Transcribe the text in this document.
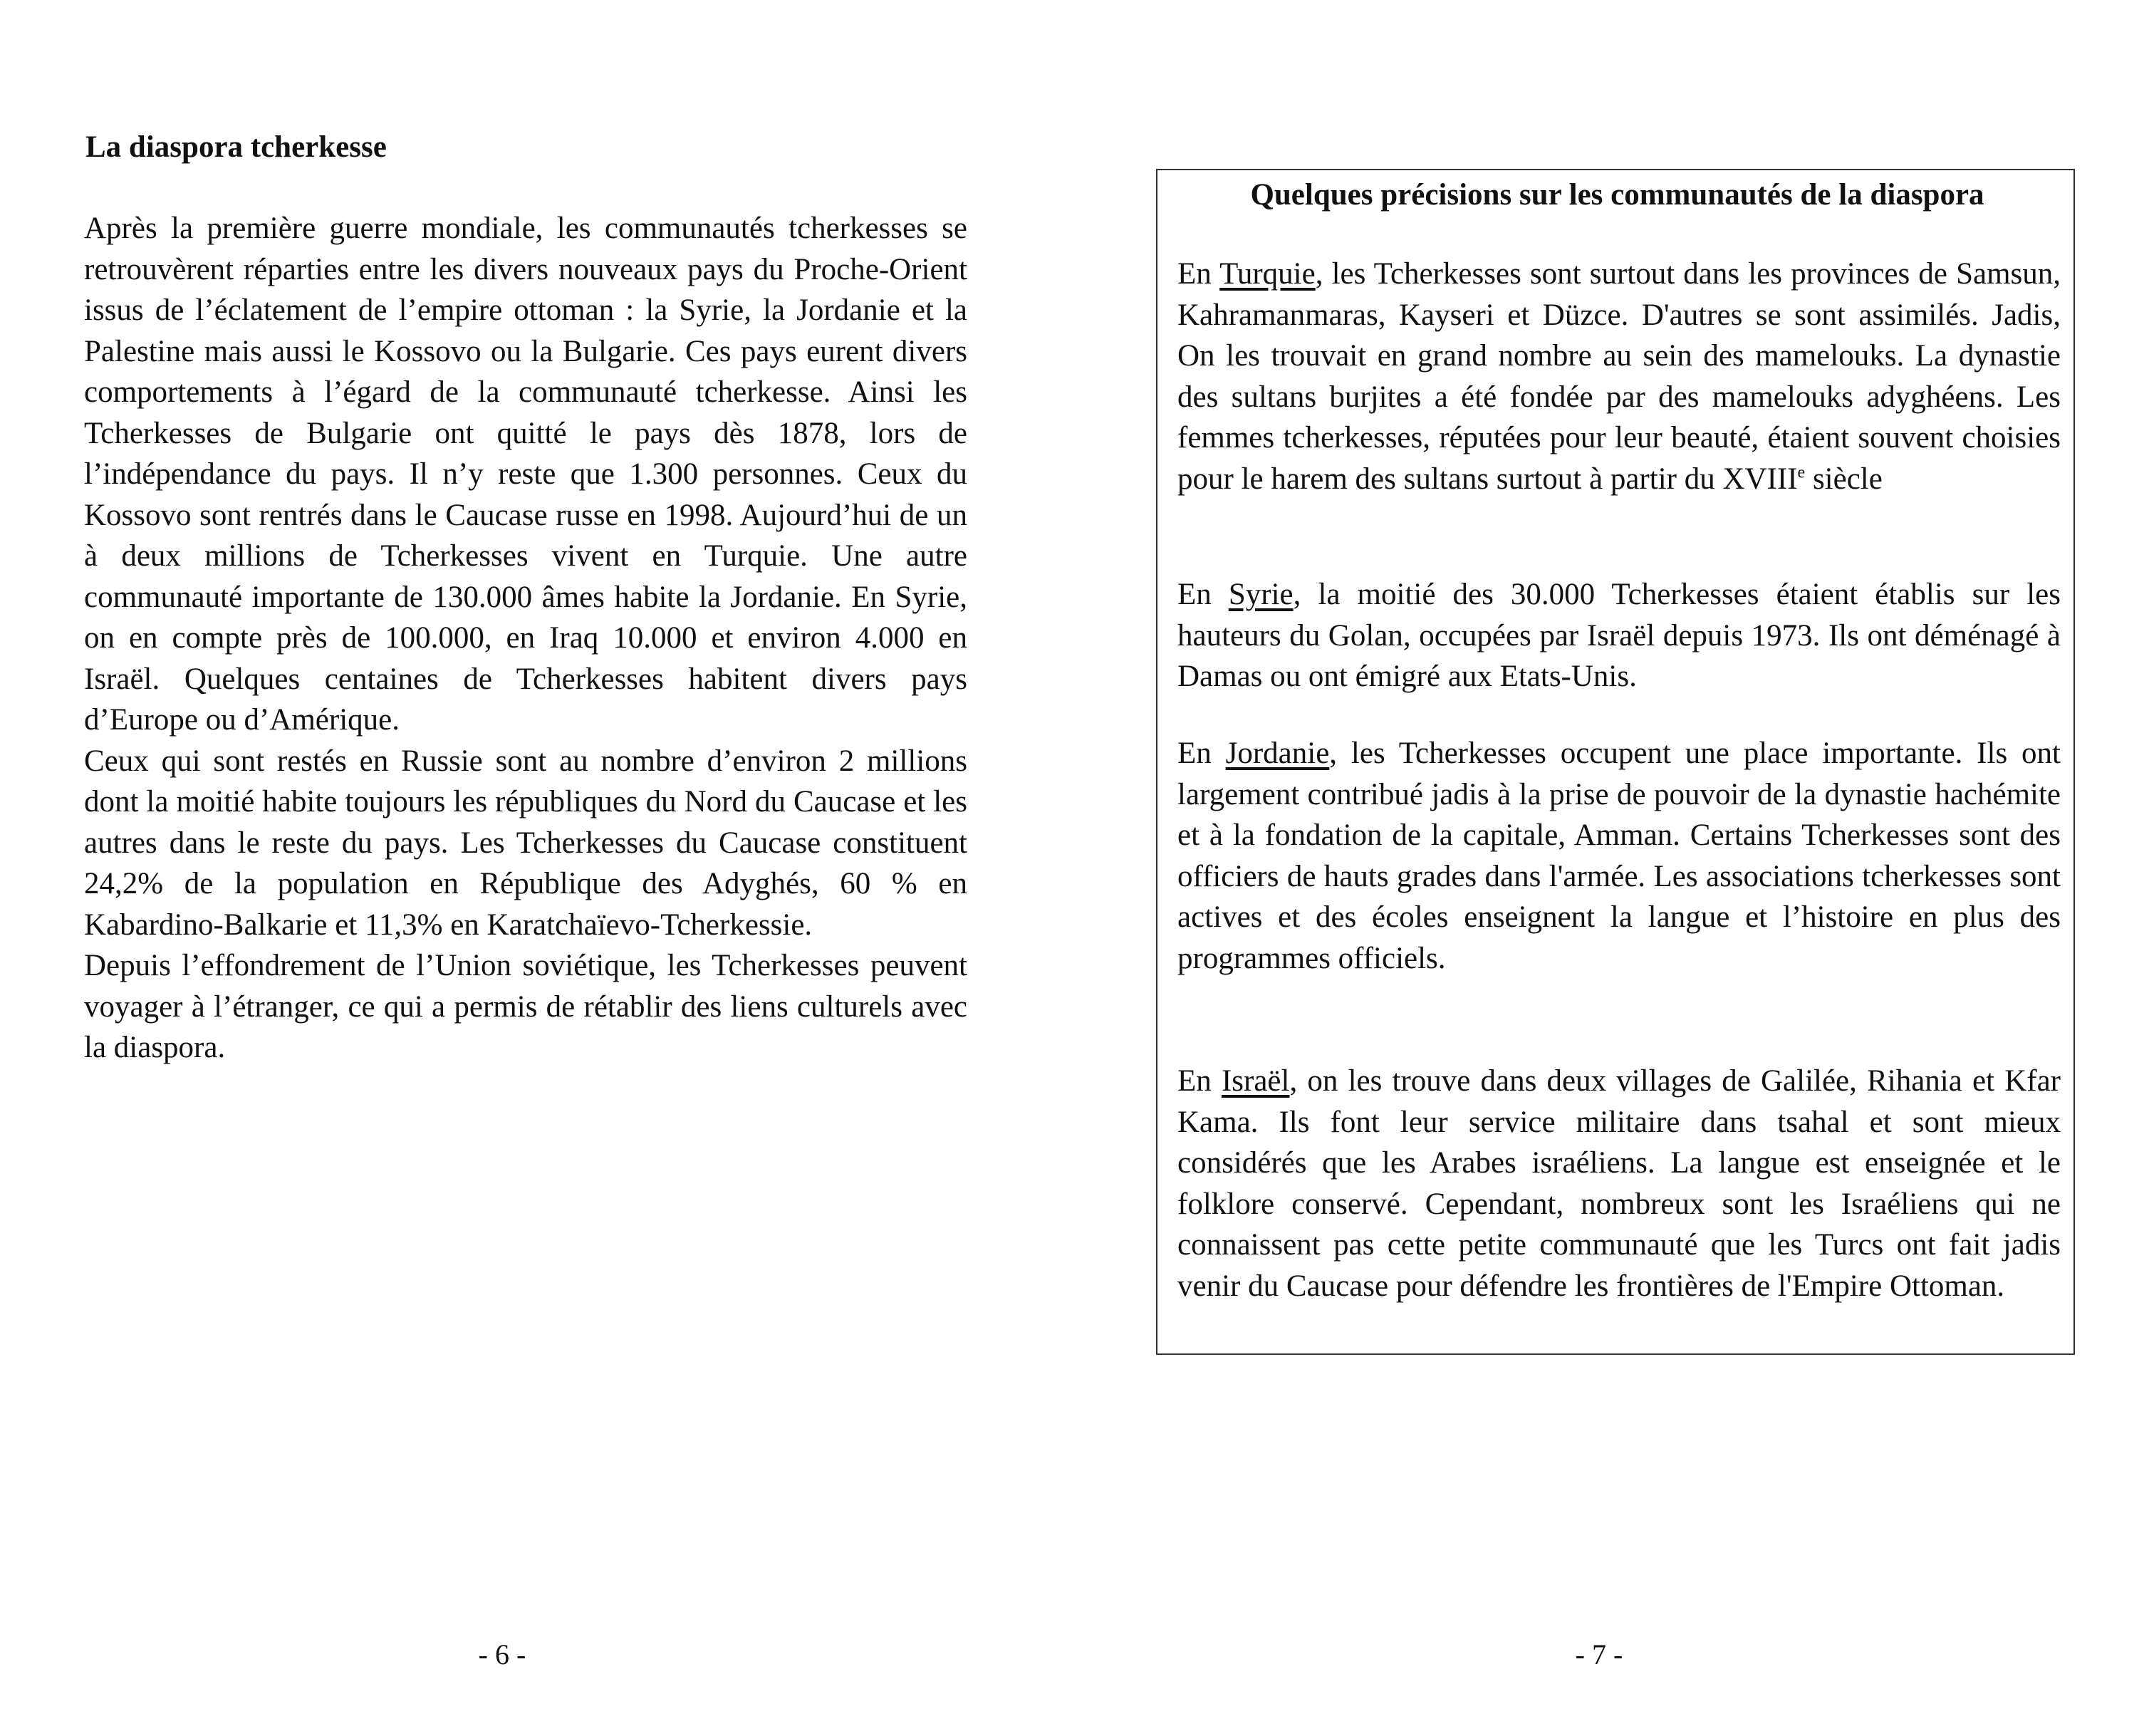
La diaspora tcherkesse

Après la première guerre mondiale, les communautés tcherkesses se retrouvèrent réparties entre les divers nouveaux pays du Proche-Orient issus de l’éclatement de l’empire ottoman : la Syrie, la Jordanie et la Palestine mais aussi le Kossovo ou la Bulgarie. Ces pays eurent divers comportements à l’égard de la communauté tcherkesse. Ainsi les Tcherkesses de Bulgarie ont quitté le pays dès 1878, lors de l’indépendance du pays. Il n’y reste que 1.300 personnes. Ceux du Kossovo sont rentrés dans le Caucase russe en 1998. Aujourd’hui de un à deux millions de Tcherkesses vivent en Turquie. Une autre communauté importante de 130.000 âmes habite la Jordanie. En Syrie, on en compte près de 100.000, en Iraq 10.000 et environ 4.000 en Israël. Quelques centaines de Tcherkesses habitent divers pays d’Europe ou d’Amérique.

Ceux qui sont restés en Russie sont au nombre d’environ 2 millions dont la moitié habite toujours les républiques du Nord du Caucase et les autres dans le reste du pays. Les Tcherkesses du Caucase constituent 24,2% de la population en République des Adyghés, 60 % en Kabardino-Balkarie et 11,3% en Karatchaïevo-Tcherkessie.

Depuis l’effondrement de l’Union soviétique, les Tcherkesses peuvent voyager à l’étranger, ce qui a permis de rétablir des liens culturels avec la diaspora.

- 6 -
Quelques précisions sur les communautés de la diaspora

En Turquie, les Tcherkesses sont surtout dans les provinces de Samsun, Kahramanmaras, Kayseri et Düzce. D'autres se sont assimilés. Jadis, On les trouvait en grand nombre au sein des mamelouks. La dynastie des sultans burjites a été fondée par des mamelouks adyghéens. Les femmes tcherkesses, réputées pour leur beauté, étaient souvent choisies pour le harem des sultans surtout à partir du XVIIIe siècle

En Syrie, la moitié des 30.000 Tcherkesses étaient établis sur les hauteurs du Golan, occupées par Israël depuis 1973. Ils ont déménagé à Damas ou ont émigré aux Etats-Unis.

En Jordanie, les Tcherkesses occupent une place importante. Ils ont largement contribué jadis à la prise de pouvoir de la dynastie hachémite et à la fondation de la capitale, Amman. Certains Tcherkesses sont des officiers de hauts grades dans l'armée. Les associations tcherkesses sont actives et des écoles enseignent la langue et l’histoire en plus des programmes officiels.

En Israël, on les trouve dans deux villages de Galilée, Rihania et Kfar Kama. Ils font leur service militaire dans tsahal et sont mieux considérés que les Arabes israéliens. La langue est enseignée et le folklore conservé. Cependant, nombreux sont les Israéliens qui ne connaissent pas cette petite communauté que les Turcs ont fait jadis venir du Caucase pour défendre les frontières de l'Empire Ottoman.

- 7 -
